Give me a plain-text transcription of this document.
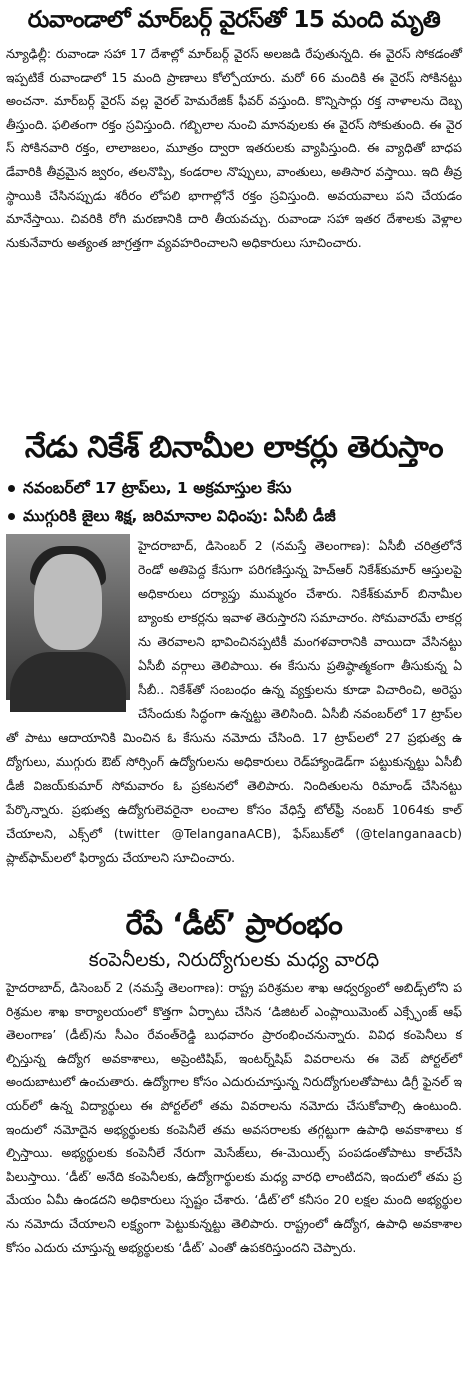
రువాండాలో మార్‌బర్గ్ వైరస్‌తో 15 మంది మృతి
న్యూఢిల్లీ: రువాండా సహా 17 దేశాల్లో మార్‌బర్గ్ వైరస్ అలజడి రేపుతున్నది. ఈ వైరస్ సోకడంతో ఇప్పటికే రువాండాలో 15 మంది ప్రాణాలు కోల్పోయారు. మరో 66 మందికి ఈ వైరస్ సోకినట్టు అంచనా. మార్‌బర్గ్ వైరస్ వల్ల వైరల్ హెమరేజిక్ ఫీవర్ వస్తుంది. కొన్నిసార్లు రక్త నాళాలను దెబ్బతీస్తుంది. ఫలితంగా రక్తం స్రవిస్తుంది. గబ్బిలాల నుంచి మానవులకు ఈ వైరస్ సోకుతుంది. ఈ వైరస్ సోకినవారి రక్తం, లాలాజలం, మూత్రం ద్వారా ఇతరులకు వ్యాపిస్తుంది. ఈ వ్యాధితో బాధపడేవారికి తీవ్రమైన జ్వరం, తలనొప్పి, కండరాల నొప్పులు, వాంతులు, అతిసార వస్తాయి. ఇది తీవ్ర స్థాయికి చేసినప్పుడు శరీరం లోపలి భాగాల్లోనే రక్తం స్రవిస్తుంది. అవయవాలు పని చేయడం మానేస్తాయి. చివరికి రోగి మరణానికి దారి తీయవచ్చు. రువాండా సహా ఇతర దేశాలకు వెళ్లాలనుకునేవారు అత్యంత జాగ్రత్తగా వ్యవహరించాలని అధికారులు సూచించారు.
నేడు నికేశ్ బినామీల లాకర్లు తెరుస్తాం
నవంబర్‌లో 17 ట్రాప్‌లు, 1 అక్రమాస్తుల కేసు
ముగ్గురికి జైలు శిక్ష, జరిమానాల విధింపు: ఏసీబీ డీజీ
హైదరాబాద్, డిసెంబర్ 2 (నమస్తే తెలంగాణ): ఏసీబీ చరిత్రలోనే రెండో అతిపెద్ద కేసుగా పరిగణిస్తున్న హెచ్‌ఆర్ నికేశ్‌కుమార్ ఆస్తులపై అధికారులు దర్యాప్తు ముమ్మరం చేశారు. నికేశ్‌కుమార్ బినామీల బ్యాంకు లాకర్లను ఇవాళ తెరుస్తారని సమాచారం. సోమవారమే లాకర్లను తెరవాలని భావించినప్పటికీ మంగళవారానికి వాయిదా వేసినట్టు ఏసీబీ వర్గాలు తెలిపాయి. ఈ కేసును ప్రతిష్ఠాత్మకంగా తీసుకున్న ఏసీబీ.. నికేశ్‌తో సంబంధం ఉన్న వ్యక్తులను కూడా విచారించి, అరెస్టు చేసేందుకు సిద్ధంగా ఉన్నట్టు తెలిసింది. ఏసీబీ నవంబర్‌లో 17 ట్రాప్‌లతో పాటు ఆదాయానికి మించిన ఓ కేసును నమోదు చేసింది. 17 ట్రాప్‌లలో 27 ప్రభుత్వ ఉద్యోగులు, ముగ్గురు ఔట్ సోర్సింగ్ ఉద్యోగులను అధికారులు రెడ్‌హ్యాండెడ్‌గా పట్టుకున్నట్టు ఏసీబీ డీజీ విజయ్‌కుమార్ సోమవారం ఓ ప్రకటనలో తెలిపారు. నిందితులను రిమాండ్ చేసినట్టు పేర్కొన్నారు. ప్రభుత్వ ఉద్యోగులెవరైనా లంచాల కోసం వేధిస్తే టోల్‌ఫ్రీ నంబర్ 1064కు కాల్ చేయాలని, ఎక్స్‌లో (twitter @TelanganaACB), ఫేస్‌బుక్‌లో (@telanganaacb) ప్లాట్‌ఫామ్‌లలో ఫిర్యాదు చేయాలని సూచించారు.
రేపే ‘డీట్’ ప్రారంభం
కంపెనీలకు, నిరుద్యోగులకు మధ్య వారధి
హైదరాబాద్, డిసెంబర్ 2 (నమస్తే తెలంగాణ): రాష్ట్ర పరిశ్రమల శాఖ ఆధ్వర్యంలో అబిడ్స్‌లోని పరిశ్రమల శాఖ కార్యాలయంలో కొత్తగా ఏర్పాటు చేసిన ‘డిజిటల్ ఎంప్లాయిమెంట్ ఎక్స్ఛేంజ్ ఆఫ్ తెలంగాణ’ (డీట్)ను సీఎం రేవంత్‌రెడ్డి బుధవారం ప్రారంభించనున్నారు. వివిధ కంపెనీలు కల్పిస్తున్న ఉద్యోగ అవకాశాలు, అప్రెంటిషిప్, ఇంటర్న్‌షిప్ వివరాలను ఈ వెబ్ పోర్టల్‌లో అందుబాటులో ఉంచుతారు. ఉద్యోగాల కోసం ఎదురుచూస్తున్న నిరుద్యోగులతోపాటు డిగ్రీ ఫైనల్ ఇయర్‌లో ఉన్న విద్యార్థులు ఈ పోర్టల్‌లో తమ వివరాలను నమోదు చేసుకోవాల్సి ఉంటుంది. ఇందులో నమోదైన అభ్యర్థులకు కంపెనీలే తమ అవసరాలకు తగ్గట్టుగా ఉపాధి అవకాశాలు కల్పిస్తాయి. అభ్యర్థులకు కంపెనీలే నేరుగా మెసేజ్‌లు, ఈ-మెయిల్స్ పంపడంతోపాటు కాల్‌చేసి పిలుస్తాయి. ‘డీట్’ అనేది కంపెనీలకు, ఉద్యోగార్థులకు మధ్య వారధి లాంటిదని, ఇందులో తమ ప్రమేయం ఏమీ ఉండదని అధికారులు స్పష్టం చేశారు. ‘డీట్’లో కనీసం 20 లక్షల మంది అభ్యర్థులను నమోదు చేయాలని లక్ష్యంగా పెట్టుకున్నట్టు తెలిపారు. రాష్ట్రంలో ఉద్యోగ, ఉపాధి అవకాశాల కోసం ఎదురు చూస్తున్న అభ్యర్థులకు ‘డీట్’ ఎంతో ఉపకరిస్తుందని చెప్పారు.
